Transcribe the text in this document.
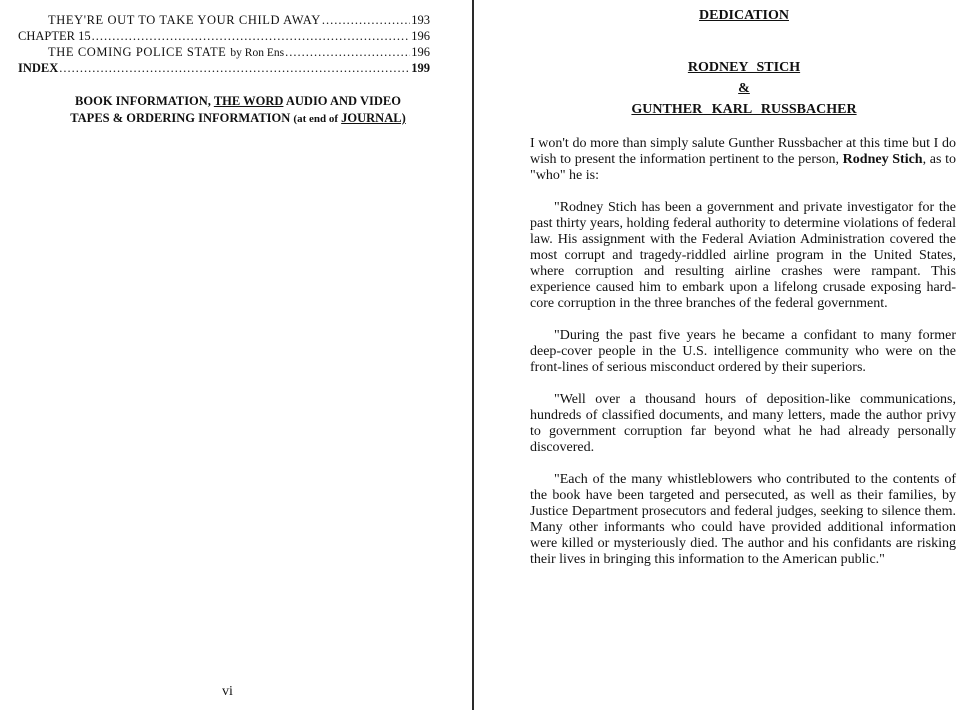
THEY'RE OUT TO TAKE YOUR CHILD AWAY .....	193
CHAPTER 15 .....	196
THE COMING POLICE STATE by Ron Ens .....	196
INDEX .....	199
BOOK INFORMATION, THE WORD AUDIO AND VIDEO
TAPES & ORDERING INFORMATION (at end of JOURNAL)
vi
DEDICATION
RODNEY STICH
&
GUNTHER KARL RUSSBACHER

I won't do more than simply salute Gunther Russbacher at this time but I do wish to present the information pertinent to the person, Rodney Stich, as to "who" he is:

"Rodney Stich has been a government and private investigator for the past thirty years, holding federal authority to determine violations of federal law. His assignment with the Federal Aviation Administration covered the most corrupt and tragedy-riddled airline program in the United States, where corruption and resulting airline crashes were rampant. This experience caused him to embark upon a lifelong crusade exposing hard-core corruption in the three branches of the federal government.

"During the past five years he became a confidant to many former deep-cover people in the U.S. intelligence community who were on the front-lines of serious misconduct ordered by their superiors.

"Well over a thousand hours of deposition-like communications, hundreds of classified documents, and many letters, made the author privy to government corruption far beyond what he had already personally discovered.

"Each of the many whistleblowers who contributed to the contents of the book have been targeted and persecuted, as well as their families, by Justice Department prosecutors and federal judges, seeking to silence them. Many other informants who could have provided additional information were killed or mysteriously died. The author and his confidants are risking their lives in bringing this information to the American public."
